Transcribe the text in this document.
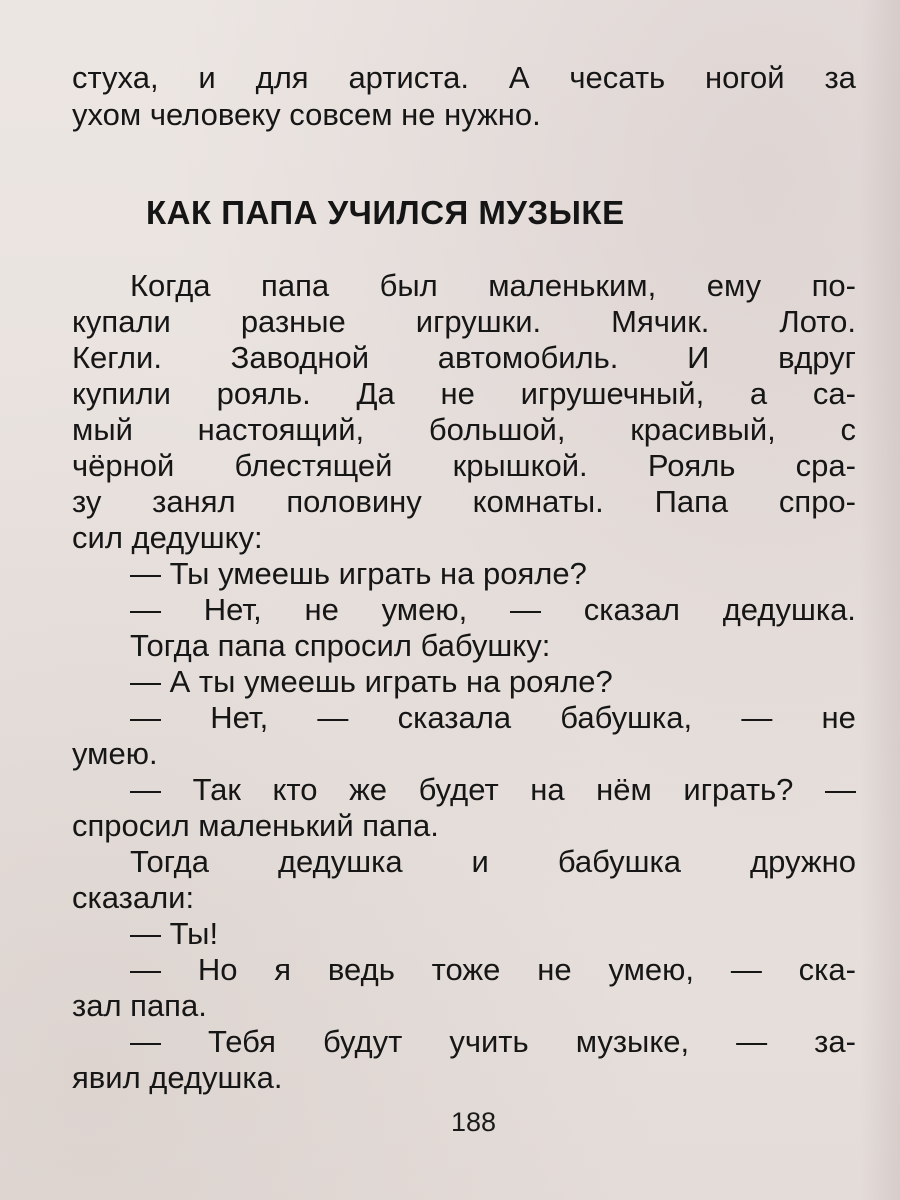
стуха, и для артиста. А чесать ногой за
ухом человеку совсем не нужно.
КАК ПАПА УЧИЛСЯ МУЗЫКЕ
Когда папа был маленьким, ему по-
купали разные игрушки. Мячик. Лото.
Кегли. Заводной автомобиль. И вдруг
купили рояль. Да не игрушечный, а са-
мый настоящий, большой, красивый, с
чёрной блестящей крышкой. Рояль сра-
зу занял половину комнаты. Папа спро-
сил дедушку:
— Ты умеешь играть на рояле?
— Нет, не умею, — сказал дедушка.
Тогда папа спросил бабушку:
— А ты умеешь играть на рояле?
— Нет, — сказала бабушка, — не
умею.
— Так кто же будет на нём играть? —
спросил маленький папа.
Тогда дедушка и бабушка дружно
сказали:
— Ты!
— Но я ведь тоже не умею, — ска-
зал папа.
— Тебя будут учить музыке, — за-
явил дедушка.
188
